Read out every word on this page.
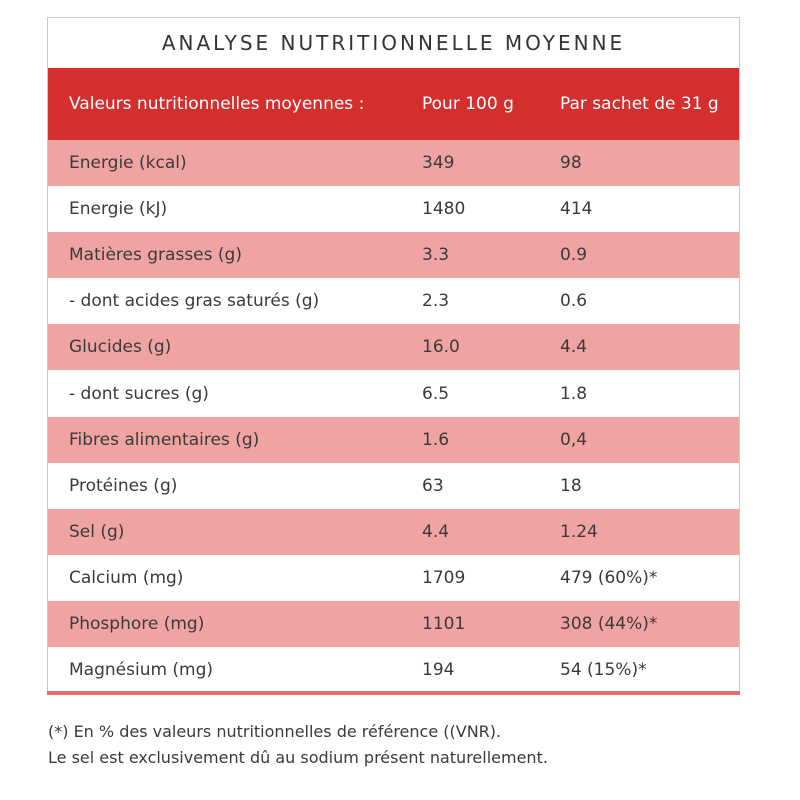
ANALYSE NUTRITIONNELLE MOYENNE
Valeurs nutritionnelles moyennes :	Pour 100 g	Par sachet de 31 g
Energie (kcal)	349	98
Energie (kJ)	1480	414
Matières grasses (g)	3.3	0.9
- dont acides gras saturés (g)	2.3	0.6
Glucides (g)	16.0	4.4
- dont sucres (g)	6.5	1.8
Fibres alimentaires (g)	1.6	0,4
Protéines (g)	63	18
Sel (g)	4.4	1.24
Calcium (mg)	1709	479 (60%)*
Phosphore (mg)	1101	308 (44%)*
Magnésium (mg)	194	54 (15%)*
(*) En % des valeurs nutritionnelles de référence ((VNR).
Le sel est exclusivement dû au sodium présent naturellement.
